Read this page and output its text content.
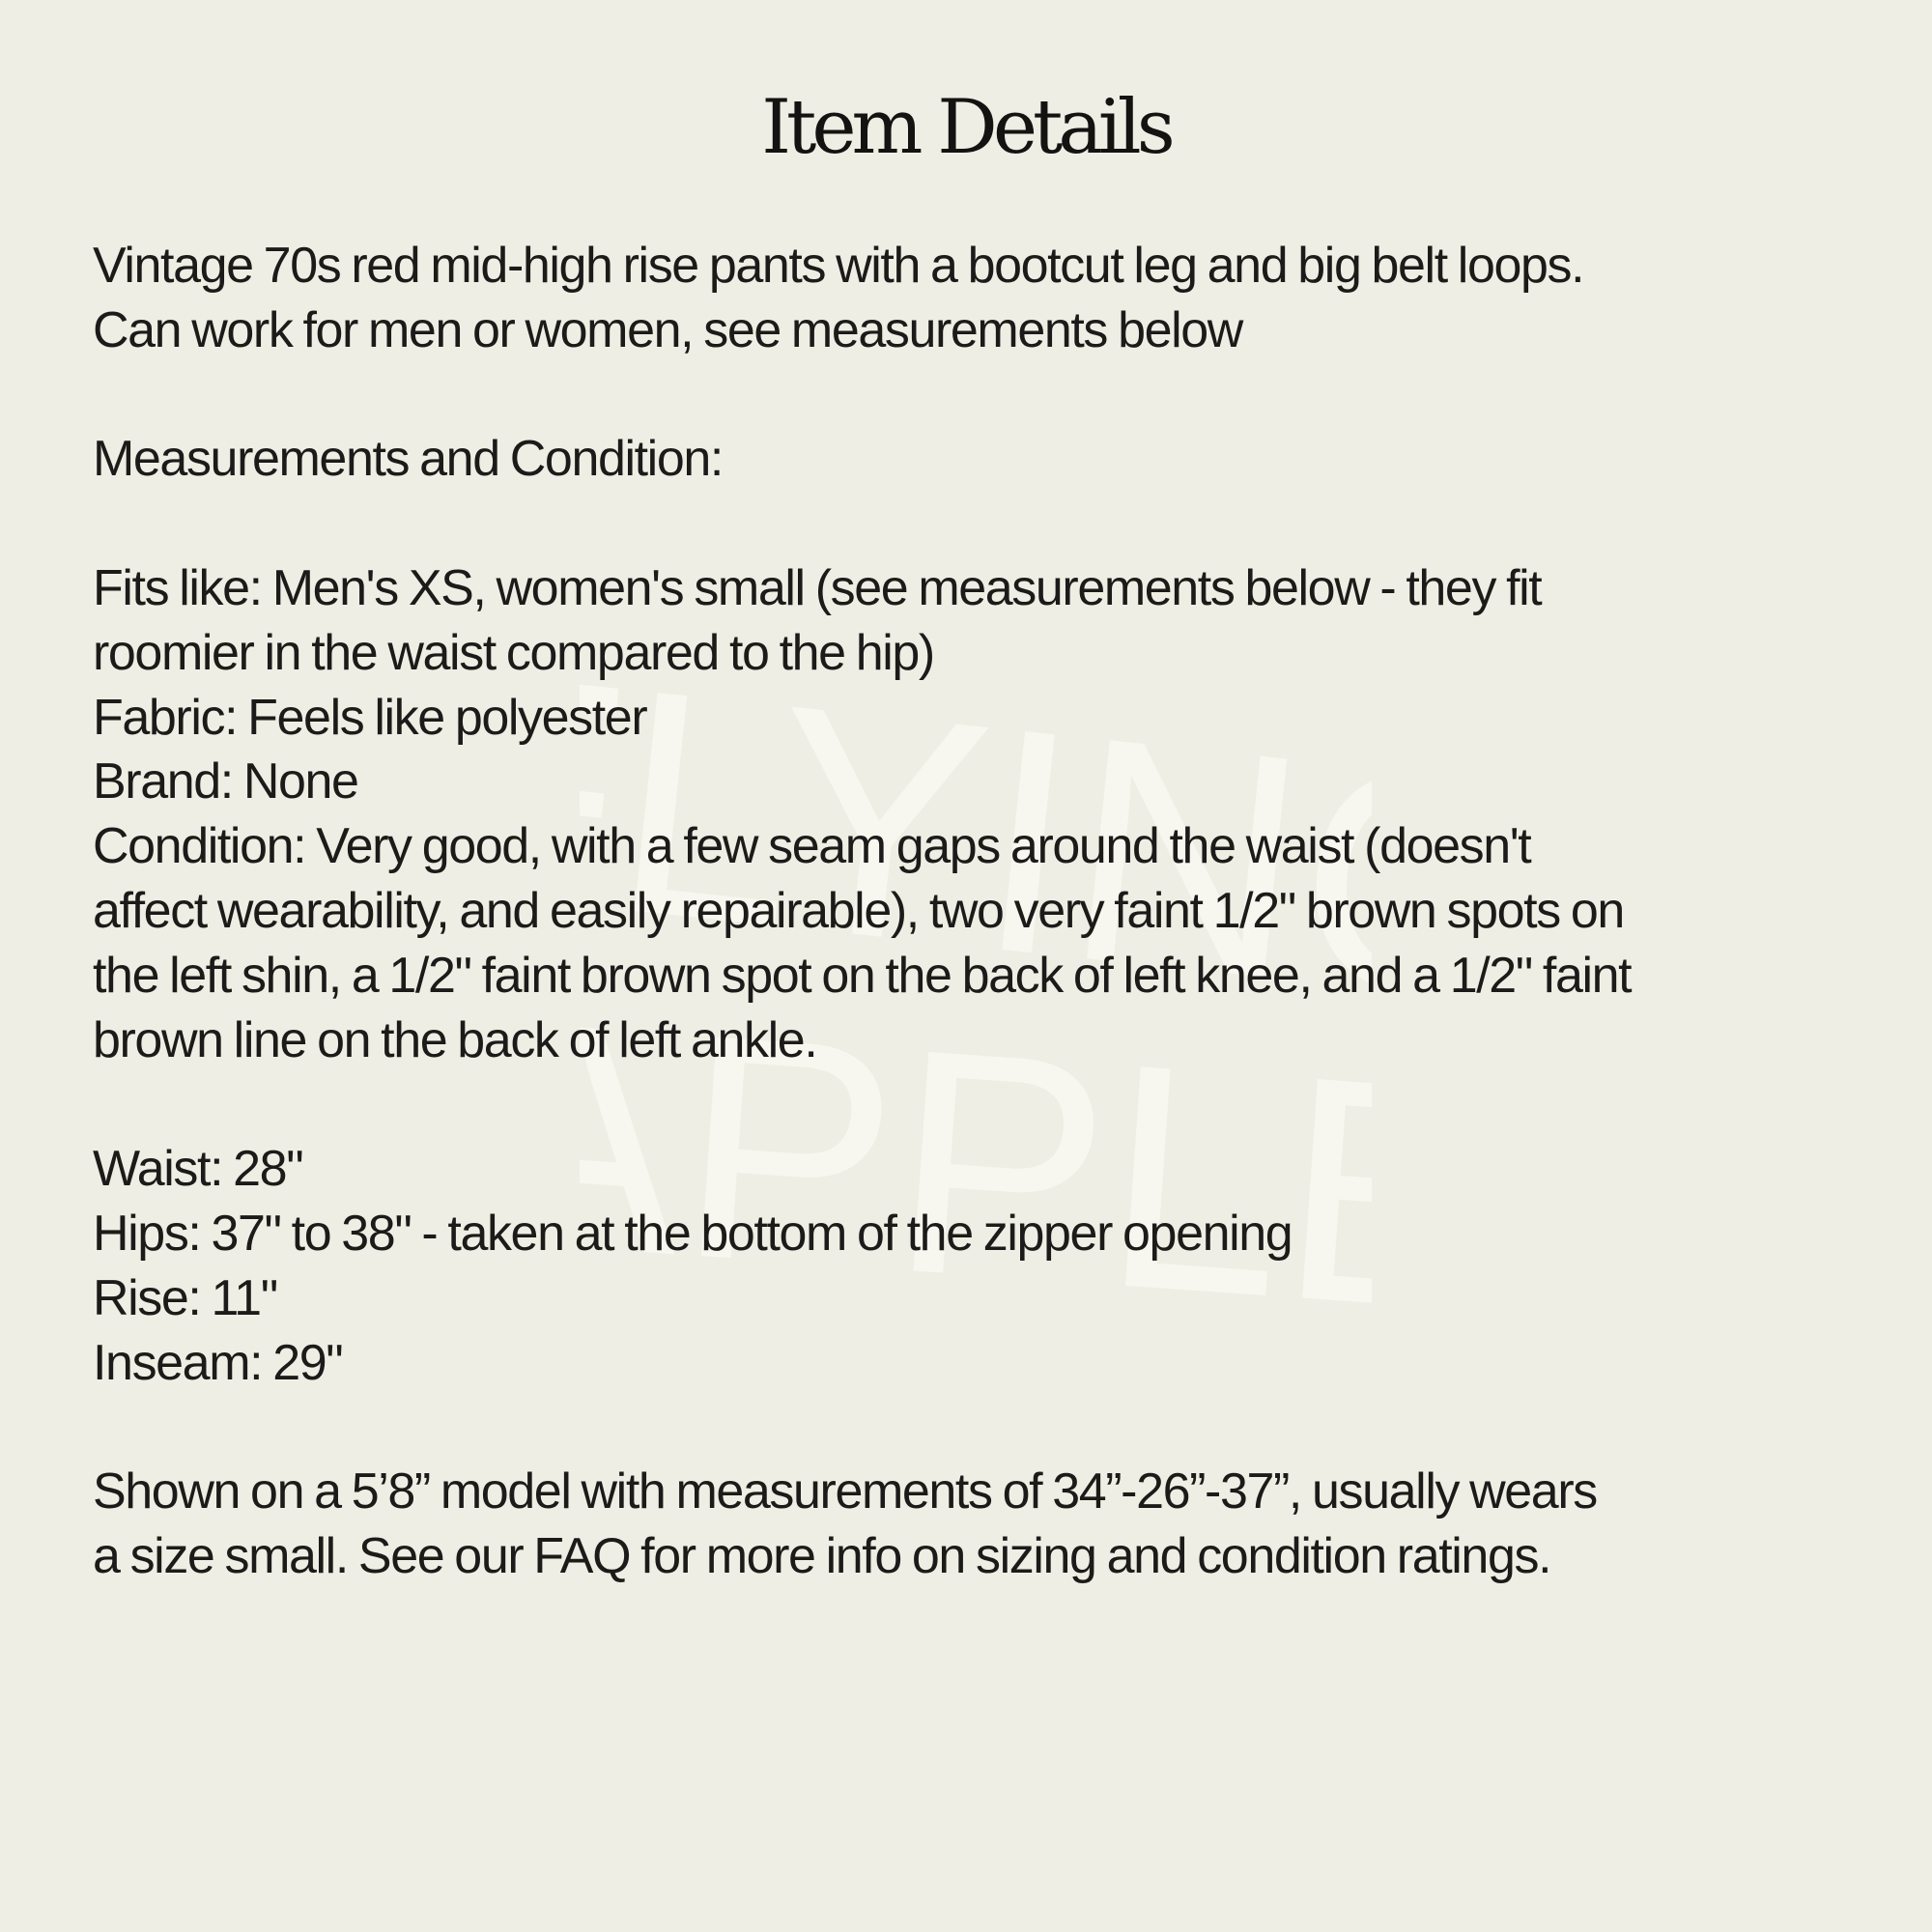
FLYING
APPLE
Item Details
Vintage 70s red mid-high rise pants with a bootcut leg and big belt loops.
Can work for men or women, see measurements below
Measurements and Condition:
Fits like: Men's XS, women's small (see measurements below - they fit
roomier in the waist compared to the hip)
Fabric: Feels like polyester
Brand: None
Condition: Very good, with a few seam gaps around the waist (doesn't
affect wearability, and easily repairable), two very faint 1/2" brown spots on
the left shin, a 1/2" faint brown spot on the back of left knee, and a 1/2" faint
brown line on the back of left ankle.
Waist: 28"
Hips: 37" to 38" - taken at the bottom of the zipper opening
Rise: 11"
Inseam: 29"
Shown on a 5’8” model with measurements of 34”-26”-37”, usually wears
a size small. See our FAQ for more info on sizing and condition ratings.
